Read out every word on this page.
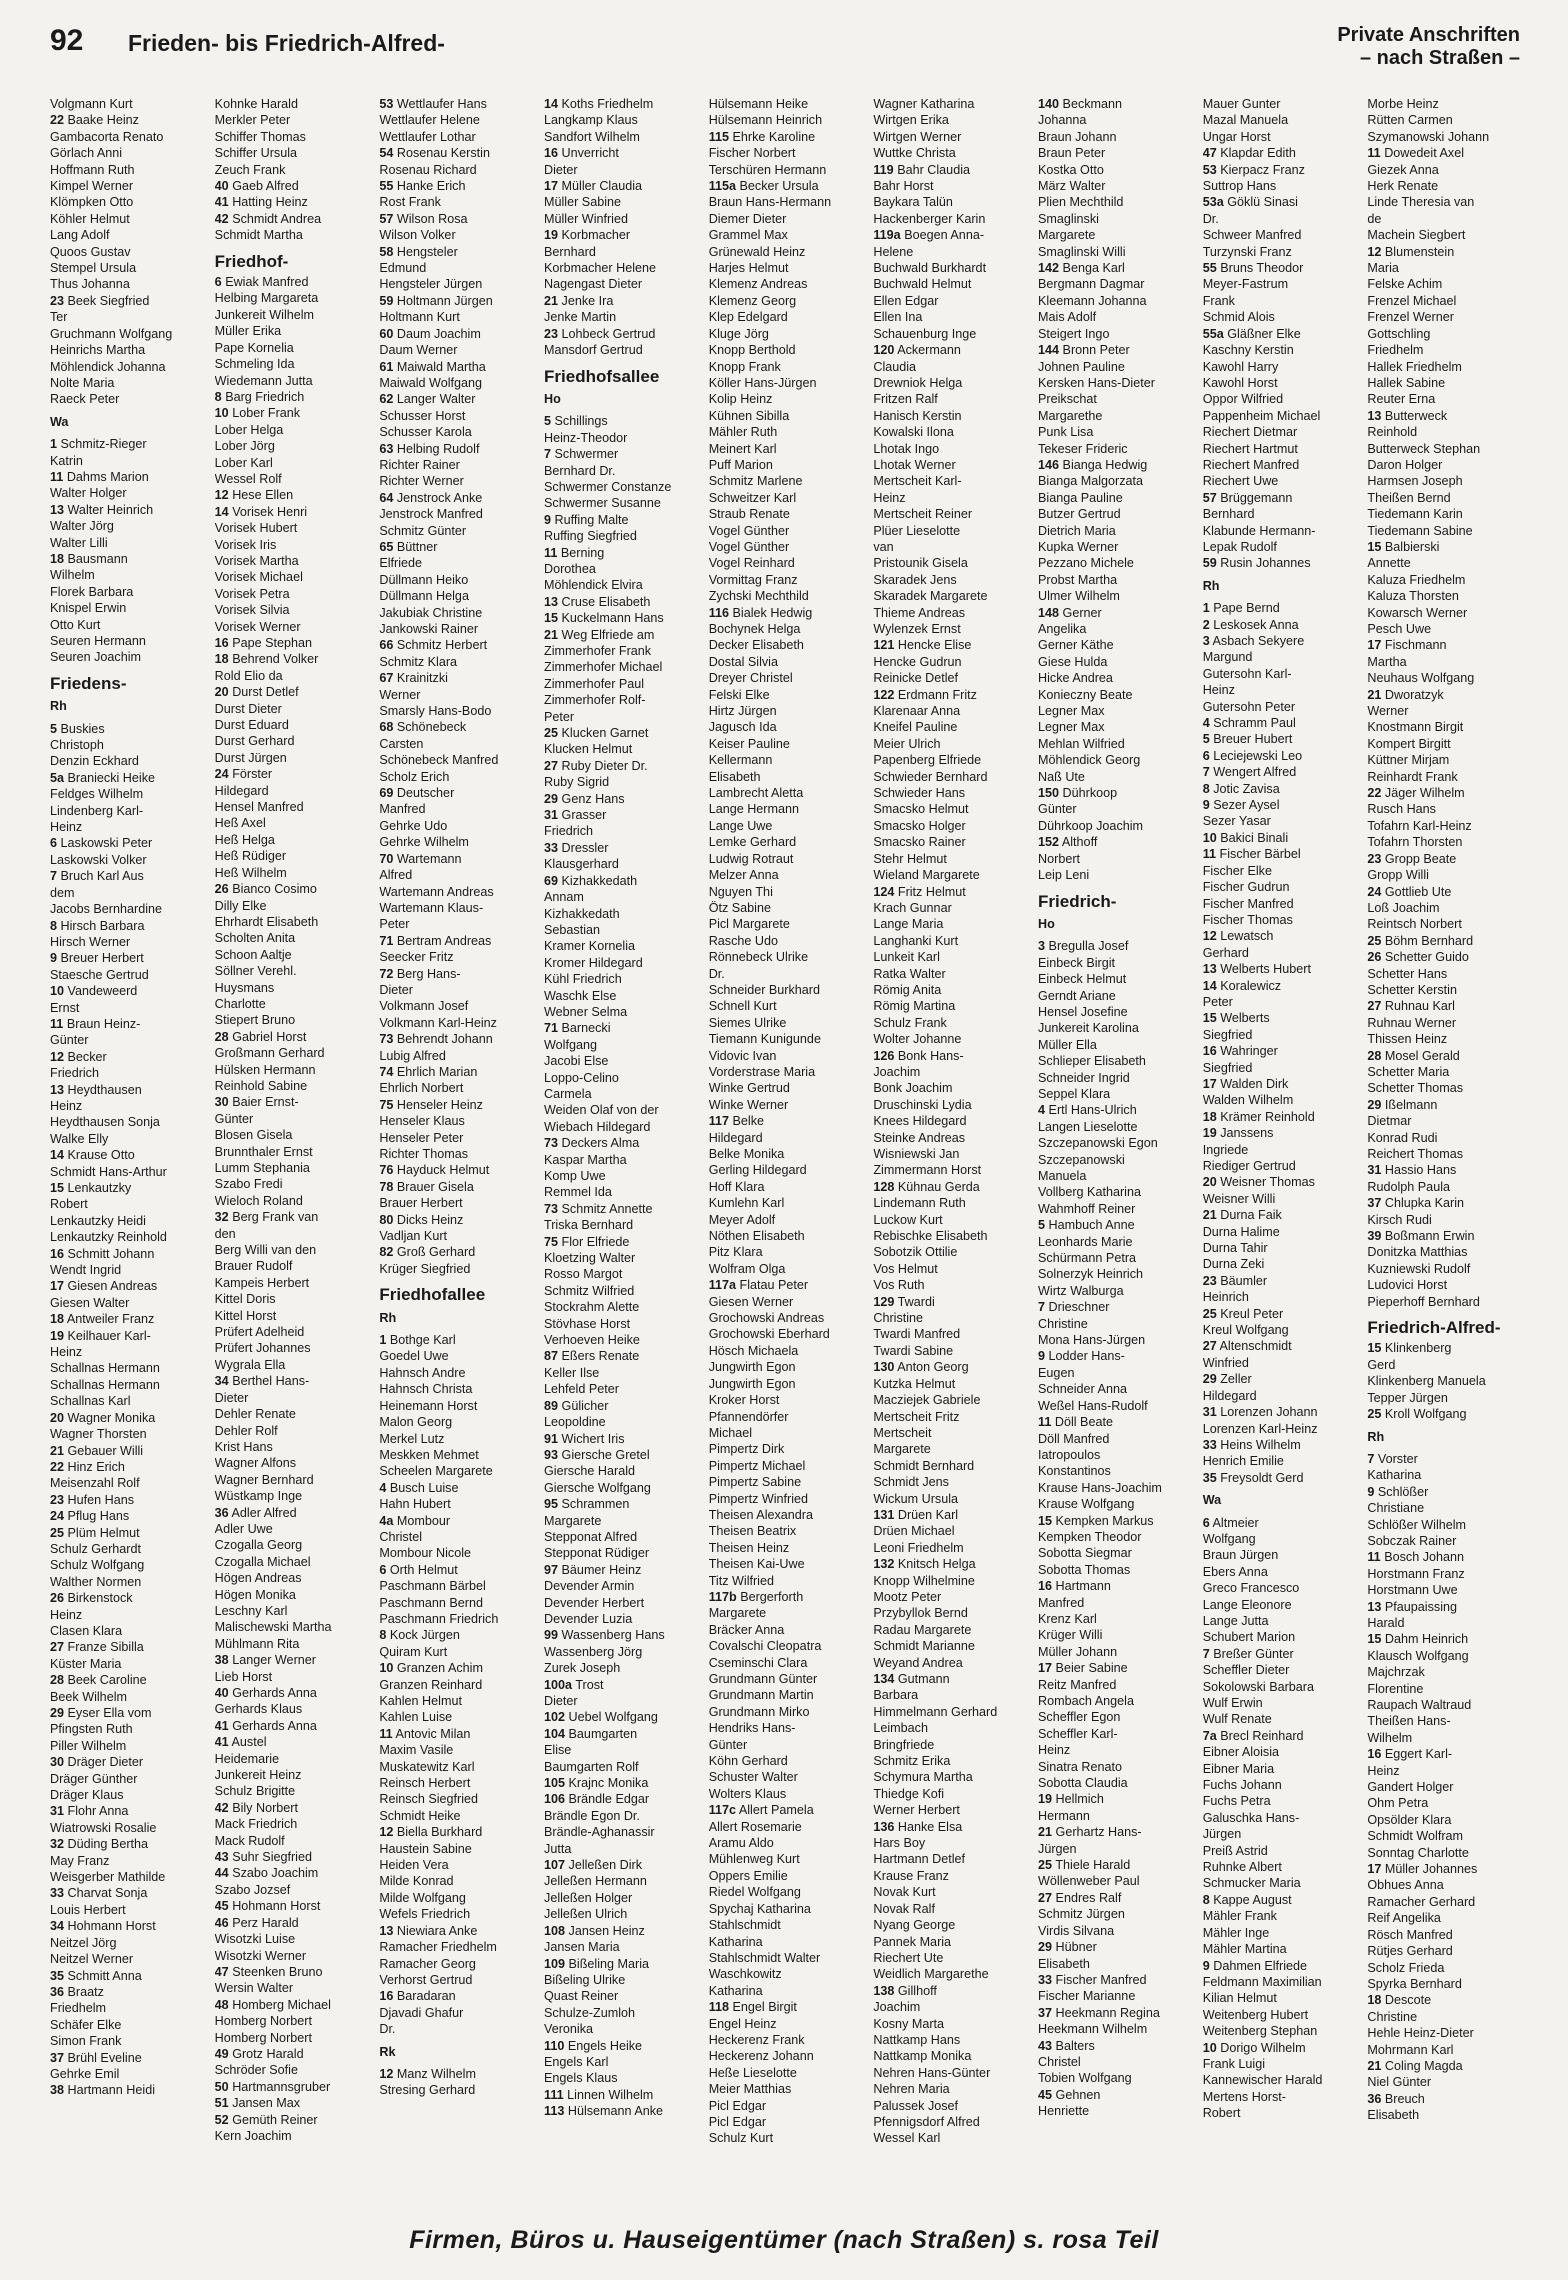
92 Frieden- bis Friedrich-Alfred-	Private Anschriften
– nach Straßen –
Volgmann Kurt
22 Baake Heinz
Gambacorta Renato
Görlach Anni
Hoffmann Ruth
Kimpel Werner
Klömpken Otto
Köhler Helmut
Lang Adolf
Quoos Gustav
Stempel Ursula
Thus Johanna
23 Beek Siegfried
Ter
Gruchmann Wolfgang
Heinrichs Martha
Möhlendick Johanna
Nolte Maria
Raeck Peter
Wa
1 Schmitz-Rieger
Katrin
11 Dahms Marion
Walter Holger
13 Walter Heinrich
Walter Jörg
Walter Lilli
18 Bausmann
Wilhelm
Florek Barbara
Knispel Erwin
Otto Kurt
Seuren Hermann
Seuren Joachim
Friedens-
Rh
5 Buskies
Christoph
Denzin Eckhard
5a Braniecki Heike
Feldges Wilhelm
Lindenberg Karl-
Heinz
6 Laskowski Peter
Laskowski Volker
7 Bruch Karl Aus
dem
Jacobs Bernhardine
8 Hirsch Barbara
Hirsch Werner
9 Breuer Herbert
Staesche Gertrud
10 Vandeweerd
Ernst
11 Braun Heinz-
Günter
12 Becker
Friedrich
13 Heydthausen
Heinz
Heydthausen Sonja
Walke Elly
14 Krause Otto
Schmidt Hans-Arthur
15 Lenkautzky
Robert
Lenkautzky Heidi
Lenkautzky Reinhold
16 Schmitt Johann
Wendt Ingrid
17 Giesen Andreas
Giesen Walter
18 Antweiler Franz
19 Keilhauer Karl-
Heinz
Schallnas Hermann
Schallnas Hermann
Schallnas Karl
20 Wagner Monika
Wagner Thorsten
21 Gebauer Willi
22 Hinz Erich
Meisenzahl Rolf
23 Hufen Hans
24 Pflug Hans
25 Plüm Helmut
Schulz Gerhardt
Schulz Wolfgang
Walther Normen
26 Birkenstock
Heinz
Clasen Klara
27 Franze Sibilla
Küster Maria
28 Beek Caroline
Beek Wilhelm
29 Eyser Ella vom
Pfingsten Ruth
Piller Wilhelm
30 Dräger Dieter
Dräger Günther
Dräger Klaus
31 Flohr Anna
Wiatrowski Rosalie
32 Düding Bertha
May Franz
Weisgerber Mathilde
33 Charvat Sonja
Louis Herbert
34 Hohmann Horst
Neitzel Jörg
Neitzel Werner
35 Schmitt Anna
36 Braatz
Friedhelm
Schäfer Elke
Simon Frank
37 Brühl Eveline
Gehrke Emil
38 Hartmann Heidi
Kohnke Harald
Merkler Peter
Schiffer Thomas
Schiffer Ursula
Zeuch Frank
40 Gaeb Alfred
41 Hatting Heinz
42 Schmidt Andrea
Schmidt Martha
Friedhof-
6 Ewiak Manfred
Helbing Margareta
Junkereit Wilhelm
Müller Erika
Pape Kornelia
Schmeling Ida
Wiedemann Jutta
8 Barg Friedrich
10 Lober Frank
Lober Helga
Lober Jörg
Lober Karl
Wessel Rolf
12 Hese Ellen
14 Vorisek Henri
Vorisek Hubert
Vorisek Iris
Vorisek Martha
Vorisek Michael
Vorisek Petra
Vorisek Silvia
Vorisek Werner
16 Pape Stephan
18 Behrend Volker
Rold Elio da
20 Durst Detlef
Durst Dieter
Durst Eduard
Durst Gerhard
Durst Jürgen
24 Förster
Hildegard
Hensel Manfred
Heß Axel
Heß Helga
Heß Rüdiger
Heß Wilhelm
26 Bianco Cosimo
Dilly Elke
Ehrhardt Elisabeth
Scholten Anita
Schoon Aaltje
Söllner Verehl.
Huysmans
Charlotte
Stiepert Bruno
28 Gabriel Horst
Großmann Gerhard
Hülsken Hermann
Reinhold Sabine
30 Baier Ernst-
Günter
Blosen Gisela
Brunnthaler Ernst
Lumm Stephania
Szabo Fredi
Wieloch Roland
32 Berg Frank van
den
Berg Willi van den
Brauer Rudolf
Kampeis Herbert
Kittel Doris
Kittel Horst
Prüfert Adelheid
Prüfert Johannes
Wygrala Ella
34 Berthel Hans-
Dieter
Dehler Renate
Dehler Rolf
Krist Hans
Wagner Alfons
Wagner Bernhard
Wüstkamp Inge
36 Adler Alfred
Adler Uwe
Czogalla Georg
Czogalla Michael
Högen Andreas
Högen Monika
Leschny Karl
Malischewski Martha
Mühlmann Rita
38 Langer Werner
Lieb Horst
40 Gerhards Anna
Gerhards Klaus
41 Gerhards Anna
41 Austel
Heidemarie
Junkereit Heinz
Schulz Brigitte
42 Bily Norbert
Mack Friedrich
Mack Rudolf
43 Suhr Siegfried
44 Szabo Joachim
Szabo Jozsef
45 Hohmann Horst
46 Perz Harald
Wisotzki Luise
Wisotzki Werner
47 Steenken Bruno
Wersin Walter
48 Homberg Michael
Homberg Norbert
Homberg Norbert
49 Grotz Harald
Schröder Sofie
50 Hartmannsgruber
51 Jansen Max
52 Gemüth Reiner
Kern Joachim
53 Wettlaufer Hans
Wettlaufer Helene
Wettlaufer Lothar
54 Rosenau Kerstin
Rosenau Richard
55 Hanke Erich
Rost Frank
57 Wilson Rosa
Wilson Volker
58 Hengsteler
Edmund
Hengsteler Jürgen
59 Holtmann Jürgen
Holtmann Kurt
60 Daum Joachim
Daum Werner
61 Maiwald Martha
Maiwald Wolfgang
62 Langer Walter
Schusser Horst
Schusser Karola
63 Helbing Rudolf
Richter Rainer
Richter Werner
64 Jenstrock Anke
Jenstrock Manfred
Schmitz Günter
65 Büttner
Elfriede
Düllmann Heiko
Düllmann Helga
Jakubiak Christine
Jankowski Rainer
66 Schmitz Herbert
Schmitz Klara
67 Krainitzki
Werner
Smarsly Hans-Bodo
68 Schönebeck
Carsten
Schönebeck Manfred
Scholz Erich
69 Deutscher
Manfred
Gehrke Udo
Gehrke Wilhelm
70 Wartemann
Alfred
Wartemann Andreas
Wartemann Klaus-
Peter
71 Bertram Andreas
Seecker Fritz
72 Berg Hans-
Dieter
Volkmann Josef
Volkmann Karl-Heinz
73 Behrendt Johann
Lubig Alfred
74 Ehrlich Marian
Ehrlich Norbert
75 Henseler Heinz
Henseler Klaus
Henseler Peter
Richter Thomas
76 Hayduck Helmut
78 Brauer Gisela
Brauer Herbert
80 Dicks Heinz
Vadljan Kurt
82 Groß Gerhard
Krüger Siegfried
Friedhofallee
Rh
1 Bothge Karl
Goedel Uwe
Hahnsch Andre
Hahnsch Christa
Heinemann Horst
Malon Georg
Merkel Lutz
Meskken Mehmet
Scheelen Margarete
4 Busch Luise
Hahn Hubert
4a Mombour
Christel
Mombour Nicole
6 Orth Helmut
Paschmann Bärbel
Paschmann Bernd
Paschmann Friedrich
8 Kock Jürgen
Quiram Kurt
10 Granzen Achim
Granzen Reinhard
Kahlen Helmut
Kahlen Luise
11 Antovic Milan
Maxim Vasile
Muskatewitz Karl
Reinsch Herbert
Reinsch Siegfried
Schmidt Heike
12 Biella Burkhard
Haustein Sabine
Heiden Vera
Milde Konrad
Milde Wolfgang
Wefels Friedrich
13 Niewiara Anke
Ramacher Friedhelm
Ramacher Georg
Verhorst Gertrud
16 Baradaran
Djavadi Ghafur
Dr.
Rk
12 Manz Wilhelm
Stresing Gerhard
14 Koths Friedhelm
Langkamp Klaus
Sandfort Wilhelm
16 Unverricht
Dieter
17 Müller Claudia
Müller Sabine
Müller Winfried
19 Korbmacher
Bernhard
Korbmacher Helene
Nagengast Dieter
21 Jenke Ira
Jenke Martin
23 Lohbeck Gertrud
Mansdorf Gertrud
Friedhofsallee
Ho
5 Schillings
Heinz-Theodor
7 Schwermer
Bernhard Dr.
Schwermer Constanze
Schwermer Susanne
9 Ruffing Malte
Ruffing Siegfried
11 Berning
Dorothea
Möhlendick Elvira
13 Cruse Elisabeth
15 Kuckelmann Hans
21 Weg Elfriede am
Zimmerhofer Frank
Zimmerhofer Michael
Zimmerhofer Paul
Zimmerhofer Rolf-
Peter
25 Klucken Garnet
Klucken Helmut
27 Ruby Dieter Dr.
Ruby Sigrid
29 Genz Hans
31 Grasser
Friedrich
33 Dressler
Klausgerhard
69 Kizhakkedath
Annam
Kizhakkedath
Sebastian
Kramer Kornelia
Kromer Hildegard
Kühl Friedrich
Waschk Else
Webner Selma
71 Barnecki
Wolfgang
Jacobi Else
Loppo-Celino
Carmela
Weiden Olaf von der
Wiebach Hildegard
73 Deckers Alma
Kaspar Martha
Komp Uwe
Remmel Ida
73 Schmitz Annette
Triska Bernhard
75 Flor Elfriede
Kloetzing Walter
Rosso Margot
Schmitz Wilfried
Stockrahm Alette
Stövhase Horst
Verhoeven Heike
87 Eßers Renate
Keller Ilse
Lehfeld Peter
89 Gülicher
Leopoldine
91 Wichert Iris
93 Giersche Gretel
Giersche Harald
Giersche Wolfgang
95 Schrammen
Margarete
Stepponat Alfred
Stepponat Rüdiger
97 Bäumer Heinz
Devender Armin
Devender Herbert
Devender Luzia
99 Wassenberg Hans
Wassenberg Jörg
Zurek Joseph
100a Trost
Dieter
102 Uebel Wolfgang
104 Baumgarten
Elise
Baumgarten Rolf
105 Krajnc Monika
106 Brändle Edgar
Brändle Egon Dr.
Brändle-Aghanassir
Jutta
107 Jelleßen Dirk
Jelleßen Hermann
Jelleßen Holger
Jelleßen Ulrich
108 Jansen Heinz
Jansen Maria
109 Bißeling Maria
Bißeling Ulrike
Quast Reiner
Schulze-Zumloh
Veronika
110 Engels Heike
Engels Karl
Engels Klaus
111 Linnen Wilhelm
113 Hülsemann Anke
Hülsemann Heike
Hülsemann Heinrich
115 Ehrke Karoline
Fischer Norbert
Terschüren Hermann
115a Becker Ursula
Braun Hans-Hermann
Diemer Dieter
Grammel Max
Grünewald Heinz
Harjes Helmut
Klemenz Andreas
Klemenz Georg
Klep Edelgard
Kluge Jörg
Knopp Berthold
Knopp Frank
Köller Hans-Jürgen
Kolip Heinz
Kühnen Sibilla
Mähler Ruth
Meinert Karl
Puff Marion
Schmitz Marlene
Schweitzer Karl
Straub Renate
Vogel Günther
Vogel Günther
Vogel Reinhard
Vormittag Franz
Zychski Mechthild
116 Bialek Hedwig
Bochynek Helga
Decker Elisabeth
Dostal Silvia
Dreyer Christel
Felski Elke
Hirtz Jürgen
Jagusch Ida
Keiser Pauline
Kellermann
Elisabeth
Lambrecht Aletta
Lange Hermann
Lange Uwe
Lemke Gerhard
Ludwig Rotraut
Melzer Anna
Nguyen Thi
Ötz Sabine
Picl Margarete
Rasche Udo
Rönnebeck Ulrike
Dr.
Schneider Burkhard
Schnell Kurt
Siemes Ulrike
Tiemann Kunigunde
Vidovic Ivan
Vorderstrase Maria
Winke Gertrud
Winke Werner
117 Belke
Hildegard
Belke Monika
Gerling Hildegard
Hoff Klara
Kumlehn Karl
Meyer Adolf
Nöthen Elisabeth
Pitz Klara
Wolfram Olga
117a Flatau Peter
Giesen Werner
Grochowski Andreas
Grochowski Eberhard
Hösch Michaela
Jungwirth Egon
Jungwirth Egon
Kroker Horst
Pfannendörfer
Michael
Pimpertz Dirk
Pimpertz Michael
Pimpertz Sabine
Pimpertz Winfried
Theisen Alexandra
Theisen Beatrix
Theisen Heinz
Theisen Kai-Uwe
Titz Wilfried
117b Bergerforth
Margarete
Bräcker Anna
Covalschi Cleopatra
Cseminschi Clara
Grundmann Günter
Grundmann Martin
Grundmann Mirko
Hendriks Hans-
Günter
Köhn Gerhard
Schuster Walter
Wolters Klaus
117c Allert Pamela
Allert Rosemarie
Aramu Aldo
Mühlenweg Kurt
Oppers Emilie
Riedel Wolfgang
Spychaj Katharina
Stahlschmidt
Katharina
Stahlschmidt Walter
Waschkowitz
Katharina
118 Engel Birgit
Engel Heinz
Heckerenz Frank
Heckerenz Johann
Heße Lieselotte
Meier Matthias
Picl Edgar
Picl Edgar
Schulz Kurt
Wagner Katharina
Wirtgen Erika
Wirtgen Werner
Wuttke Christa
119 Bahr Claudia
Bahr Horst
Baykara Talün
Hackenberger Karin
119a Boegen Anna-
Helene
Buchwald Burkhardt
Buchwald Helmut
Ellen Edgar
Ellen Ina
Schauenburg Inge
120 Ackermann
Claudia
Drewniok Helga
Fritzen Ralf
Hanisch Kerstin
Kowalski Ilona
Lhotak Ingo
Lhotak Werner
Mertscheit Karl-
Heinz
Mertscheit Reiner
Plüer Lieselotte
van
Pristounik Gisela
Skaradek Jens
Skaradek Margarete
Thieme Andreas
Wylenzek Ernst
121 Hencke Elise
Hencke Gudrun
Reinicke Detlef
122 Erdmann Fritz
Klarenaar Anna
Kneifel Pauline
Meier Ulrich
Papenberg Elfriede
Schwieder Bernhard
Schwieder Hans
Smacsko Helmut
Smacsko Holger
Smacsko Rainer
Stehr Helmut
Wieland Margarete
124 Fritz Helmut
Krach Gunnar
Lange Maria
Langhanki Kurt
Lunkeit Karl
Ratka Walter
Römig Anita
Römig Martina
Schulz Frank
Wolter Johanne
126 Bonk Hans-
Joachim
Bonk Joachim
Druschinski Lydia
Knees Hildegard
Steinke Andreas
Wisniewski Jan
Zimmermann Horst
128 Kühnau Gerda
Lindemann Ruth
Luckow Kurt
Rebischke Elisabeth
Sobotzik Ottilie
Vos Helmut
Vos Ruth
129 Twardi
Christine
Twardi Manfred
Twardi Sabine
130 Anton Georg
Kutzka Helmut
Macziejek Gabriele
Mertscheit Fritz
Mertscheit
Margarete
Schmidt Bernhard
Schmidt Jens
Wickum Ursula
131 Drüen Karl
Drüen Michael
Leoni Friedhelm
132 Knitsch Helga
Knopp Wilhelmine
Mootz Peter
Przybyllok Bernd
Radau Margarete
Schmidt Marianne
Weyand Andrea
134 Gutmann
Barbara
Himmelmann Gerhard
Leimbach
Bringfriede
Schmitz Erika
Schymura Martha
Thiedge Kofi
Werner Herbert
136 Hanke Elsa
Hars Boy
Hartmann Detlef
Krause Franz
Novak Kurt
Novak Ralf
Nyang George
Pannek Maria
Riechert Ute
Weidlich Margarethe
138 Gillhoff
Joachim
Kosny Marta
Nattkamp Hans
Nattkamp Monika
Nehren Hans-Günter
Nehren Maria
Palussek Josef
Pfennigsdorf Alfred
Wessel Karl
140 Beckmann
Johanna
Braun Johann
Braun Peter
Kostka Otto
März Walter
Plien Mechthild
Smaglinski
Margarete
Smaglinski Willi
142 Benga Karl
Bergmann Dagmar
Kleemann Johanna
Mais Adolf
Steigert Ingo
144 Bronn Peter
Johnen Pauline
Kersken Hans-Dieter
Preikschat
Margarethe
Punk Lisa
Tekeser Frideric
146 Bianga Hedwig
Bianga Malgorzata
Bianga Pauline
Butzer Gertrud
Dietrich Maria
Kupka Werner
Pezzano Michele
Probst Martha
Ulmer Wilhelm
148 Gerner
Angelika
Gerner Käthe
Giese Hulda
Hicke Andrea
Konieczny Beate
Legner Max
Legner Max
Mehlan Wilfried
Möhlendick Georg
Naß Ute
150 Dührkoop
Günter
Dührkoop Joachim
152 Althoff
Norbert
Leip Leni
Friedrich-
Ho
3 Bregulla Josef
Einbeck Birgit
Einbeck Helmut
Gerndt Ariane
Hensel Josefine
Junkereit Karolina
Müller Ella
Schlieper Elisabeth
Schneider Ingrid
Seppel Klara
4 Ertl Hans-Ulrich
Langen Lieselotte
Szczepanowski Egon
Szczepanowski
Manuela
Vollberg Katharina
Wahmhoff Reiner
5 Hambuch Anne
Leonhards Marie
Schürmann Petra
Solnerzyk Heinrich
Wirtz Walburga
7 Drieschner
Christine
Mona Hans-Jürgen
9 Lodder Hans-
Eugen
Schneider Anna
Weßel Hans-Rudolf
11 Döll Beate
Döll Manfred
Iatropoulos
Konstantinos
Krause Hans-Joachim
Krause Wolfgang
15 Kempken Markus
Kempken Theodor
Sobotta Siegmar
Sobotta Thomas
16 Hartmann
Manfred
Krenz Karl
Krüger Willi
Müller Johann
17 Beier Sabine
Reitz Manfred
Rombach Angela
Scheffler Egon
Scheffler Karl-
Heinz
Sinatra Renato
Sobotta Claudia
19 Hellmich
Hermann
21 Gerhartz Hans-
Jürgen
25 Thiele Harald
Wöllenweber Paul
27 Endres Ralf
Schmitz Jürgen
Virdis Silvana
29 Hübner
Elisabeth
33 Fischer Manfred
Fischer Marianne
37 Heekmann Regina
Heekmann Wilhelm
43 Balters
Christel
Tobien Wolfgang
45 Gehnen
Henriette
Mauer Gunter
Mazal Manuela
Ungar Horst
47 Klapdar Edith
53 Kierpacz Franz
Suttrop Hans
53a Göklü Sinasi
Dr.
Schweer Manfred
Turzynski Franz
55 Bruns Theodor
Meyer-Fastrum
Frank
Schmid Alois
55a Gläßner Elke
Kaschny Kerstin
Kawohl Harry
Kawohl Horst
Oppor Wilfried
Pappenheim Michael
Riechert Dietmar
Riechert Hartmut
Riechert Manfred
Riechert Uwe
57 Brüggemann
Bernhard
Klabunde Hermann-
Lepak Rudolf
59 Rusin Johannes
Rh
1 Pape Bernd
2 Leskosek Anna
3 Asbach Sekyere
Margund
Gutersohn Karl-
Heinz
Gutersohn Peter
4 Schramm Paul
5 Breuer Hubert
6 Leciejewski Leo
7 Wengert Alfred
8 Jotic Zavisa
9 Sezer Aysel
Sezer Yasar
10 Bakici Binali
11 Fischer Bärbel
Fischer Elke
Fischer Gudrun
Fischer Manfred
Fischer Thomas
12 Lewatsch
Gerhard
13 Welberts Hubert
14 Koralewicz
Peter
15 Welberts
Siegfried
16 Wahringer
Siegfried
17 Walden Dirk
Walden Wilhelm
18 Krämer Reinhold
19 Janssens
Ingriede
Riediger Gertrud
20 Weisner Thomas
Weisner Willi
21 Durna Faik
Durna Halime
Durna Tahir
Durna Zeki
23 Bäumler
Heinrich
25 Kreul Peter
Kreul Wolfgang
27 Altenschmidt
Winfried
29 Zeller
Hildegard
31 Lorenzen Johann
Lorenzen Karl-Heinz
33 Heins Wilhelm
Henrich Emilie
35 Freysoldt Gerd
Wa
6 Altmeier
Wolfgang
Braun Jürgen
Ebers Anna
Greco Francesco
Lange Eleonore
Lange Jutta
Schubert Marion
7 Breßer Günter
Scheffler Dieter
Sokolowski Barbara
Wulf Erwin
Wulf Renate
7a Brecl Reinhard
Eibner Aloisia
Eibner Maria
Fuchs Johann
Fuchs Petra
Galuschka Hans-
Jürgen
Preiß Astrid
Ruhnke Albert
Schmucker Maria
8 Kappe August
Mähler Frank
Mähler Inge
Mähler Martina
9 Dahmen Elfriede
Feldmann Maximilian
Kilian Helmut
Weitenberg Hubert
Weitenberg Stephan
10 Dorigo Wilhelm
Frank Luigi
Kannewischer Harald
Mertens Horst-
Robert
Morbe Heinz
Rütten Carmen
Szymanowski Johann
11 Dowedeit Axel
Giezek Anna
Herk Renate
Linde Theresia van
de
Machein Siegbert
12 Blumenstein
Maria
Felske Achim
Frenzel Michael
Frenzel Werner
Gottschling
Friedhelm
Hallek Friedhelm
Hallek Sabine
Reuter Erna
13 Butterweck
Reinhold
Butterweck Stephan
Daron Holger
Harmsen Joseph
Theißen Bernd
Tiedemann Karin
Tiedemann Sabine
15 Balbierski
Annette
Kaluza Friedhelm
Kaluza Thorsten
Kowarsch Werner
Pesch Uwe
17 Fischmann
Martha
Neuhaus Wolfgang
21 Dworatzyk
Werner
Knostmann Birgit
Kompert Birgitt
Küttner Mirjam
Reinhardt Frank
22 Jäger Wilhelm
Rusch Hans
Tofahrn Karl-Heinz
Tofahrn Thorsten
23 Gropp Beate
Gropp Willi
24 Gottlieb Ute
Loß Joachim
Reintsch Norbert
25 Böhm Bernhard
26 Schetter Guido
Schetter Hans
Schetter Kerstin
27 Ruhnau Karl
Ruhnau Werner
Thissen Heinz
28 Mosel Gerald
Schetter Maria
Schetter Thomas
29 Ißelmann
Dietmar
Konrad Rudi
Reichert Thomas
31 Hassio Hans
Rudolph Paula
37 Chlupka Karin
Kirsch Rudi
39 Boßmann Erwin
Donitzka Matthias
Kuzniewski Rudolf
Ludovici Horst
Pieperhoff Bernhard
Friedrich-Alfred-
15 Klinkenberg
Gerd
Klinkenberg Manuela
Tepper Jürgen
25 Kroll Wolfgang
Rh
7 Vorster
Katharina
9 Schlößer
Christiane
Schlößer Wilhelm
Sobczak Rainer
11 Bosch Johann
Horstmann Franz
Horstmann Uwe
13 Pfaupaissing
Harald
15 Dahm Heinrich
Klausch Wolfgang
Majchrzak
Florentine
Raupach Waltraud
Theißen Hans-
Wilhelm
16 Eggert Karl-
Heinz
Gandert Holger
Ohm Petra
Opsölder Klara
Schmidt Wolfram
Sonntag Charlotte
17 Müller Johannes
Obhues Anna
Ramacher Gerhard
Reif Angelika
Rösch Manfred
Rütjes Gerhard
Scholz Frieda
Spyrka Bernhard
18 Descote
Christine
Hehle Heinz-Dieter
Mohrmann Karl
21 Coling Magda
Niel Günter
36 Breuch
Elisabeth
Firmen, Büros u. Hauseigentümer (nach Straßen) s. rosa Teil
